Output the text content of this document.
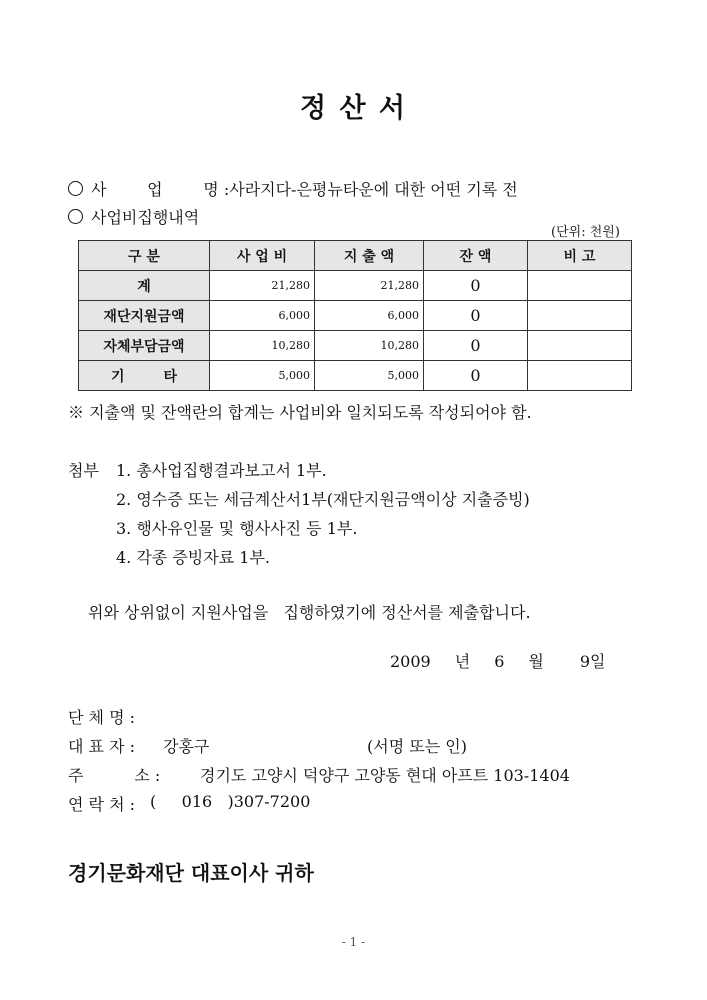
정 산 서
사        업        명 :사라지다-은평뉴타운에 대한 어떤 기록 전
사업비집행내역
(단위: 천원)
구 분	사 업 비	지 출 액	잔 액	비 고
계	21,280	21,280	0	
재단지원금액	6,000	6,000	0	
자체부담금액	10,280	10,280	0	
기        타	5,000	5,000	0	
※ 지출액 및 잔액란의 합계는 사업비와 일치되도록 작성되어야 함.
첨부 1. 총사업집행결과보고서 1부.
2. 영수증 또는 세금계산서1부(재단지원금액이상 지출증빙)
3. 행사유인물 및 행사사진 등 1부.
4. 각종 증빙자료 1부.
위와 상위없이 지원사업을   집행하였기에 정산서를 제출합니다.
2009 년 6 월 9일
단 체 명 :
대 표 자 : 강홍구	(서명 또는 인)
주          소 : 경기도 고양시 덕양구 고양동 현대 아프트 103-1404
연 락 처 : (     016   )307-7200
경기문화재단 대표이사 귀하
- 1 -
